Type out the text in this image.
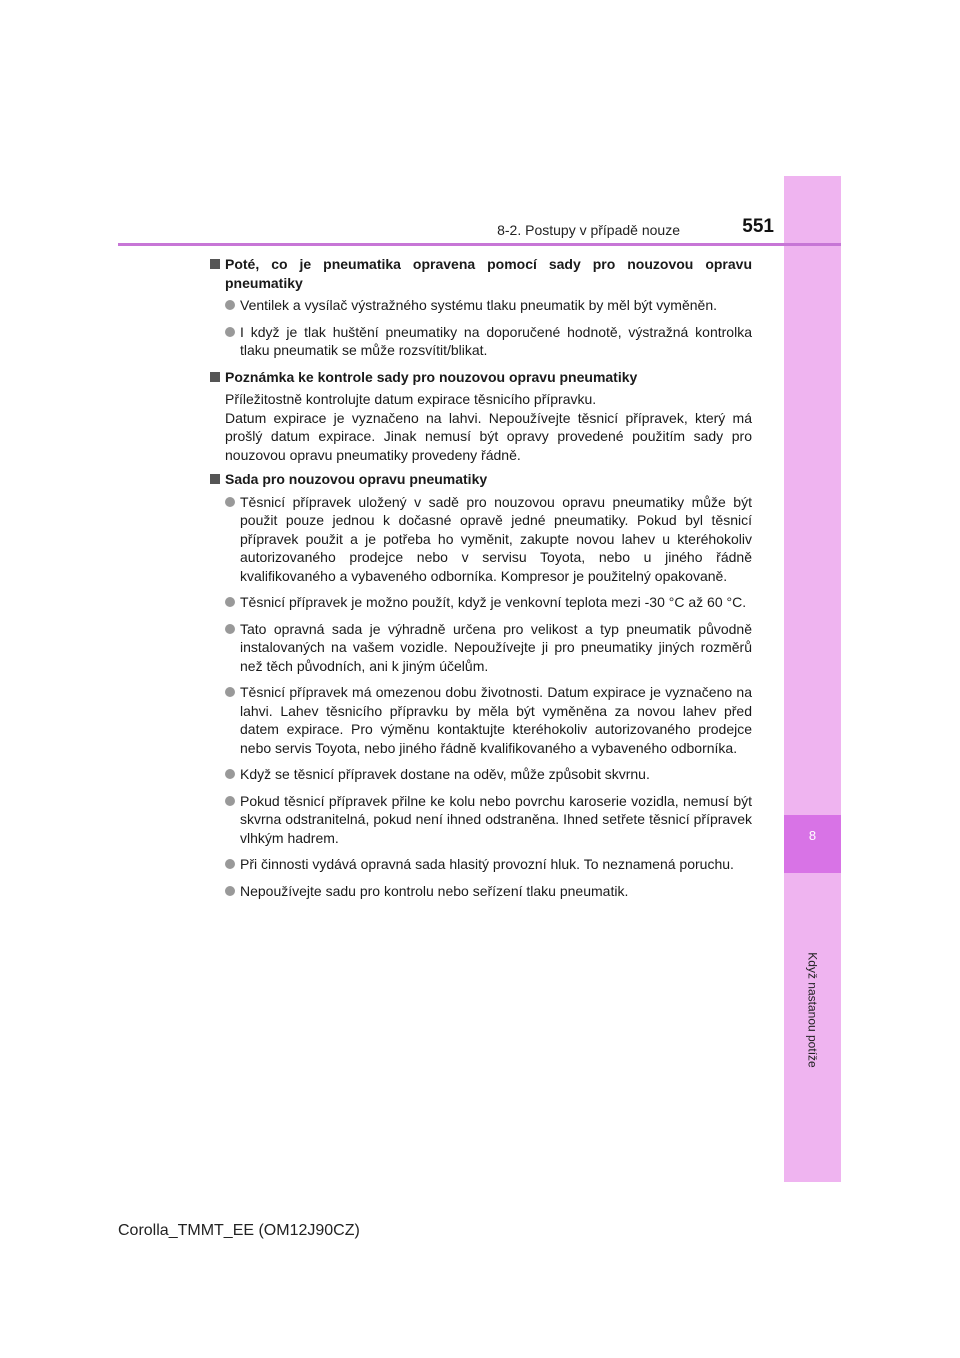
8
Když nastanou potíže
8-2. Postupy v případě nouze	551
Poté, co je pneumatika opravena pomocí sady pro nouzovou opravu pneumatiky
Ventilek a vysílač výstražného systému tlaku pneumatik by měl být vyměněn.
I když je tlak huštění pneumatiky na doporučené hodnotě, výstražná kontrolka tlaku pneumatik se může rozsvítit/blikat.
Poznámka ke kontrole sady pro nouzovou opravu pneumatiky
Příležitostně kontrolujte datum expirace těsnicího přípravku.
Datum expirace je vyznačeno na lahvi. Nepoužívejte těsnicí přípravek, který má prošlý datum expirace. Jinak nemusí být opravy provedené použitím sady pro nouzovou opravu pneumatiky provedeny řádně.
Sada pro nouzovou opravu pneumatiky
Těsnicí přípravek uložený v sadě pro nouzovou opravu pneumatiky může být použit pouze jednou k dočasné opravě jedné pneumatiky. Pokud byl těsnicí přípravek použit a je potřeba ho vyměnit, zakupte novou lahev u kteréhokoliv autorizovaného prodejce nebo v servisu Toyota, nebo u jiného řádně kvalifikovaného a vybaveného odborníka. Kompresor je použitelný opakovaně.
Těsnicí přípravek je možno použít, když je venkovní teplota mezi -30 °C až 60 °C.
Tato opravná sada je výhradně určena pro velikost a typ pneumatik původně instalovaných na vašem vozidle. Nepoužívejte ji pro pneumatiky jiných rozměrů než těch původních, ani k jiným účelům.
Těsnicí přípravek má omezenou dobu životnosti. Datum expirace je vyznačeno na lahvi. Lahev těsnicího přípravku by měla být vyměněna za novou lahev před datem expirace. Pro výměnu kontaktujte kteréhokoliv autorizovaného prodejce nebo servis Toyota, nebo jiného řádně kvalifikovaného a vybaveného odborníka.
Když se těsnicí přípravek dostane na oděv, může způsobit skvrnu.
Pokud těsnicí přípravek přilne ke kolu nebo povrchu karoserie vozidla, nemusí být skvrna odstranitelná, pokud není ihned odstraněna. Ihned setřete těsnicí přípravek vlhkým hadrem.
Při činnosti vydává opravná sada hlasitý provozní hluk. To neznamená poruchu.
Nepoužívejte sadu pro kontrolu nebo seřízení tlaku pneumatik.
Corolla_TMMT_EE (OM12J90CZ)
